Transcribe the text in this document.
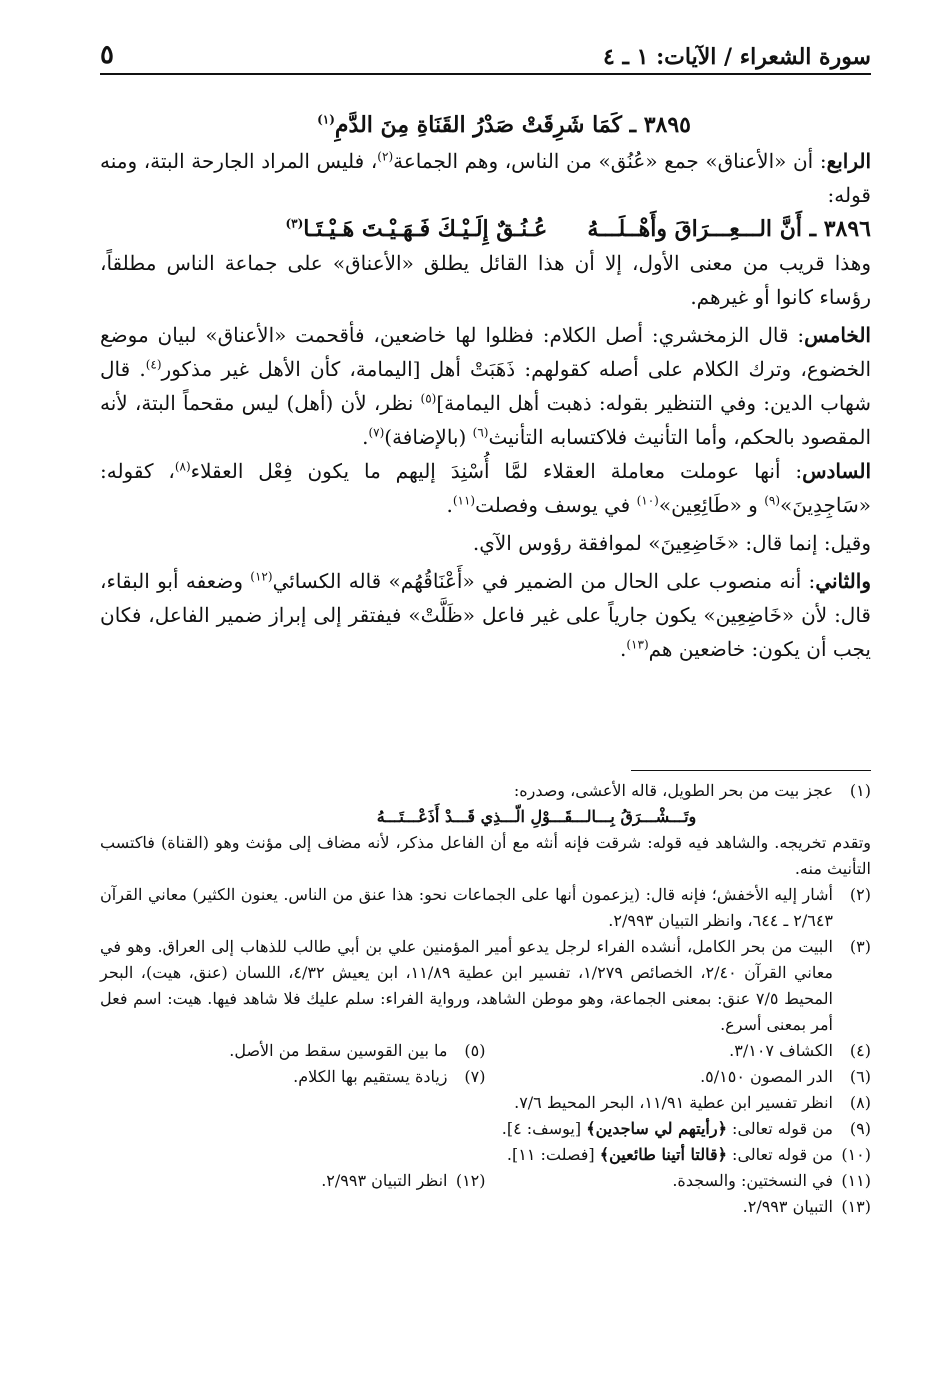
سورة الشعراء / الآيات: ١ ـ ٤
٥

٣٨٩٥ ـ كَمَا شَرِقَتْ صَدْرُ القَنَاةِ مِنَ الدَّمِ$^{(١)}$

الرابع: أن «الأعناق» جمع «عُنُق» من الناس، وهم الجماعة$^{(٢)}$، فليس المراد الجارحة البتة، ومنه قوله:

٣٨٩٦ ـ أَنَّ الـــعِـــرَاقَ وأَهْــلَـــهُ
عُـنُـقٌ إِلَـيْـكَ فَـهَـيْـتَ هَـيْـتَـا$^{(٣)}$

وهذا قريب من معنى الأول، إلا أن هذا القائل يطلق «الأعناق» على جماعة الناس مطلقاً، رؤساء كانوا أو غيرهم.

الخامس: قال الزمخشري: أصل الكلام: فظلوا لها خاضعين، فأقحمت «الأعناق» لبيان موضع الخضوع، وترك الكلام على أصله كقولهم: ذَهَبَتْ أهل [اليمامة، كأن الأهل غير مذكور$^{(٤)}$. قال شهاب الدين: وفي التنظير بقوله: ذهبت أهل اليمامة]$^{(٥)}$ نظر، لأن (أهل) ليس مقحماً البتة، لأنه المقصود بالحكم، وأما التأنيث فلاكتسابه التأنيث$^{(٦)}$ (بالإضافة)$^{(٧)}$.

السادس: أنها عوملت معاملة العقلاء لمَّا أُسْنِدَ إليهم ما يكون فِعْل العقلاء$^{(٨)}$، كقوله: «سَاجِدِينَ»$^{(٩)}$ و «طَائِعِين»$^{(١٠)}$ في يوسف وفصلت$^{(١١)}$.

وقيل: إنما قال: «خَاضِعِينَ» لموافقة رؤوس الآي.

والثاني: أنه منصوب على الحال من الضمير في «أَعْنَاقُهُم» قاله الكسائي$^{(١٢)}$ وضعفه أبو البقاء، قال: لأن «خَاضِعِين» يكون جارياً على غير فاعل «ظَلَّتْ» فيفتقر إلى إبراز ضمير الفاعل، فكان يجب أن يكون: خاضعين هم$^{(١٣)}$.

(١)
عجز بيت من بحر الطويل، قاله الأعشى، وصدره:
وتَـــشْـــرَقُ بِـــالـــقَـــوْلِ الّـــذِي قَـــدْ أَذَعْـــتَـــهُ
وتقدم تخريجه. والشاهد فيه قوله: شرقت فإنه أنثه مع أن الفاعل مذكر، لأنه مضاف إلى مؤنث وهو (القناة) فاكتسب التأنيث منه.
(٢)
أشار إليه الأخفش؛ فإنه قال: (يزعمون أنها على الجماعات نحو: هذا عنق من الناس. يعنون الكثير) معاني القرآن ٢/٦٤٣ ـ ٦٤٤، وانظر التبيان ٢/٩٩٣.
(٣)
البيت من بحر الكامل، أنشده الفراء لرجل يدعو أمير المؤمنين علي بن أبي طالب للذهاب إلى العراق. وهو في معاني القرآن ٢/٤٠، الخصائص ١/٢٧٩، تفسير ابن عطية ١١/٨٩، ابن يعيش ٤/٣٢، اللسان (عنق، هيت)، البحر المحيط ٧/٥ عنق: بمعنى الجماعة، وهو موطن الشاهد، ورواية الفراء: سلم عليك فلا شاهد فيها. هيت: اسم فعل أمر بمعنى أسرع.
(٤)
الكشاف ٣/١٠٧.
(٥)
ما بين القوسين سقط من الأصل.
(٦)
الدر المصون ٥/١٥٠.
(٧)
زيادة يستقيم بها الكلام.
(٨)
انظر تفسير ابن عطية ١١/٩١، البحر المحيط ٧/٦.
(٩)
من قوله تعالى: ﴿رأيتهم لي ساجدين﴾ [يوسف: ٤].
(١٠)
من قوله تعالى: ﴿قالتا أتينا طائعين﴾ [فصلت: ١١].
(١١)
في النسختين: والسجدة.
(١٢)
انظر التبيان ٢/٩٩٣.
(١٣)
التبيان ٢/٩٩٣.
